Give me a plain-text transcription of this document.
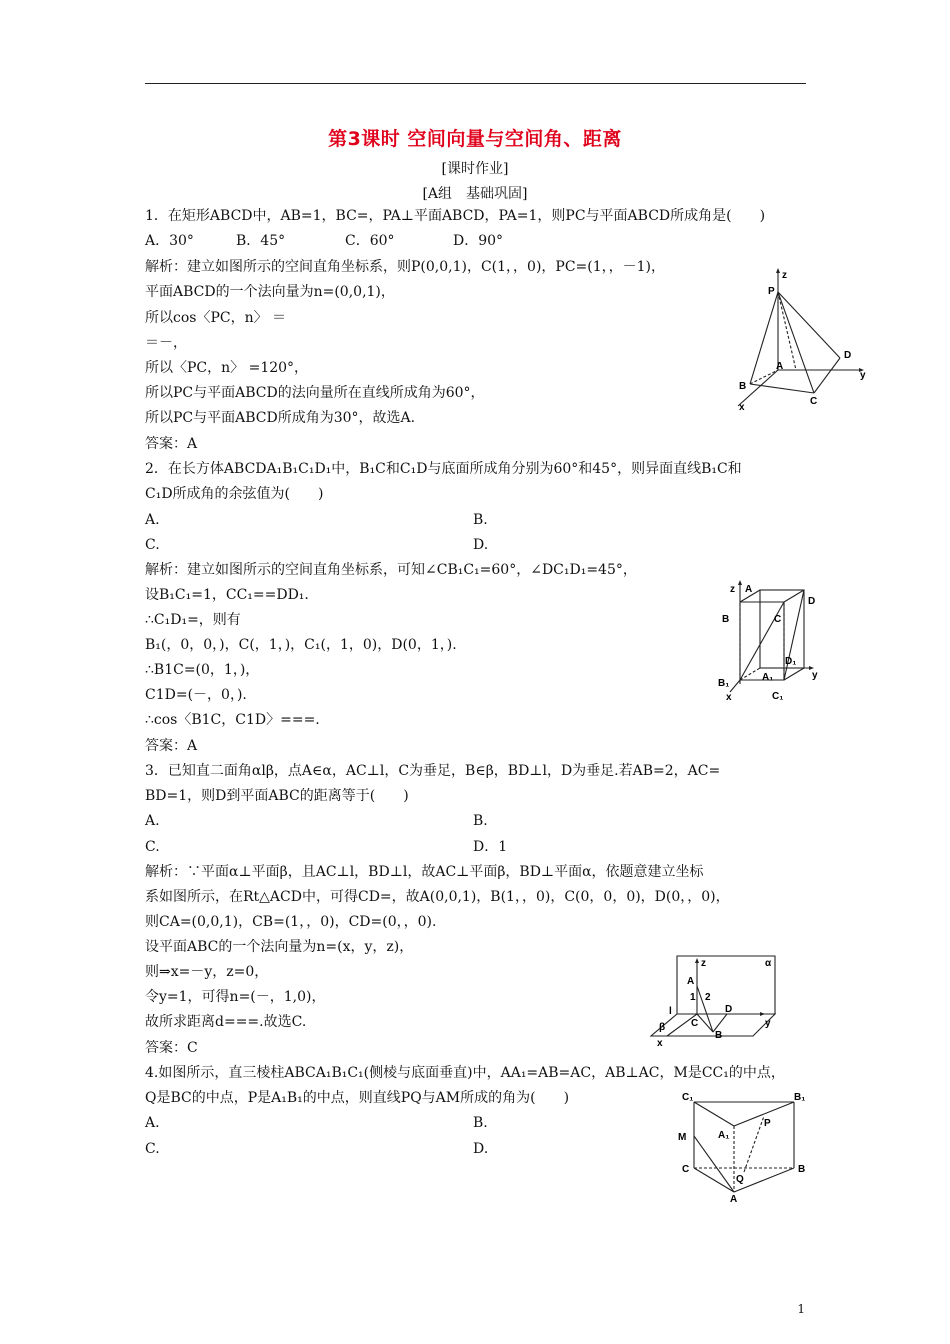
第3课时 空间向量与空间角、距离
[课时作业]
[A组　基础巩固]
1．在矩形ABCD中，AB=1，BC=，PA⊥平面ABCD，PA=1，则PC与平面ABCD所成角是(　　)
A．30°	B．45°	C．60°	D．90°
解析：建立如图所示的空间直角坐标系，则P(0,0,1)，C(1，，0)，PC=(1，，－1)，
平面ABCD的一个法向量为n=(0,0,1)，
所以cos〈PC，n〉 ＝
＝－，
所以〈PC，n〉 =120°，
所以PC与平面ABCD的法向量所在直线所成角为60°，
所以PC与平面ABCD所成角为30°，故选A.
答案：A
z
P
D
y
A
B
C
x
2．在长方体ABCDA₁B₁C₁D₁中，B₁C和C₁D与底面所成角分别为60°和45°，则异面直线B₁C和
C₁D所成角的余弦值为(　　)
A.	B.
C.	D.
解析：建立如图所示的空间直角坐标系，可知∠CB₁C₁=60°，∠DC₁D₁=45°，
设B₁C₁=1，CC₁==DD₁.
∴C₁D₁=，则有
B₁(，0，0，)，C(，1，)，C₁(，1，0)，D(0，1，).
∴B1C=(0，1，)，
C1D=(－，0，).
∴cos〈B1C，C1D〉===.
答案：A
z A
D
B	C
D₁
A₁	y
B₁
x	C₁
3．已知直二面角αlβ，点A∈α，AC⊥l，C为垂足，B∈β，BD⊥l，D为垂足.若AB=2，AC=
BD=1，则D到平面ABC的距离等于(　　)
A.	B.
C.	D．1
解析：∵平面α⊥平面β，且AC⊥l，BD⊥l，故AC⊥平面β，BD⊥平面α，依题意建立坐标
系如图所示，在Rt△ACD中，可得CD=，故A(0,0,1)，B(1，，0)，C(0，0，0)，D(0，，0)，
则CA=(0,0,1)，CB=(1，，0)，CD=(0，，0).
设平面ABC的一个法向量为n=(x，y，z)，
则⇒x=－y，z=0，
令y=1，可得n=(－，1,0)，
故所求距离d===.故选C.
答案：C
α
z
A
1 2
l
C
D
B
β
x
y
4.如图所示，直三棱柱ABCA₁B₁C₁(侧棱与底面垂直)中，AA₁=AB=AC，AB⊥AC，M是CC₁的中点，
Q是BC的中点，P是A₁B₁的中点，则直线PQ与AM所成的角为(　　)
A.	B.
C.	D.
C₁	B₁
A₁
P
M
C
Q
B
A
1
